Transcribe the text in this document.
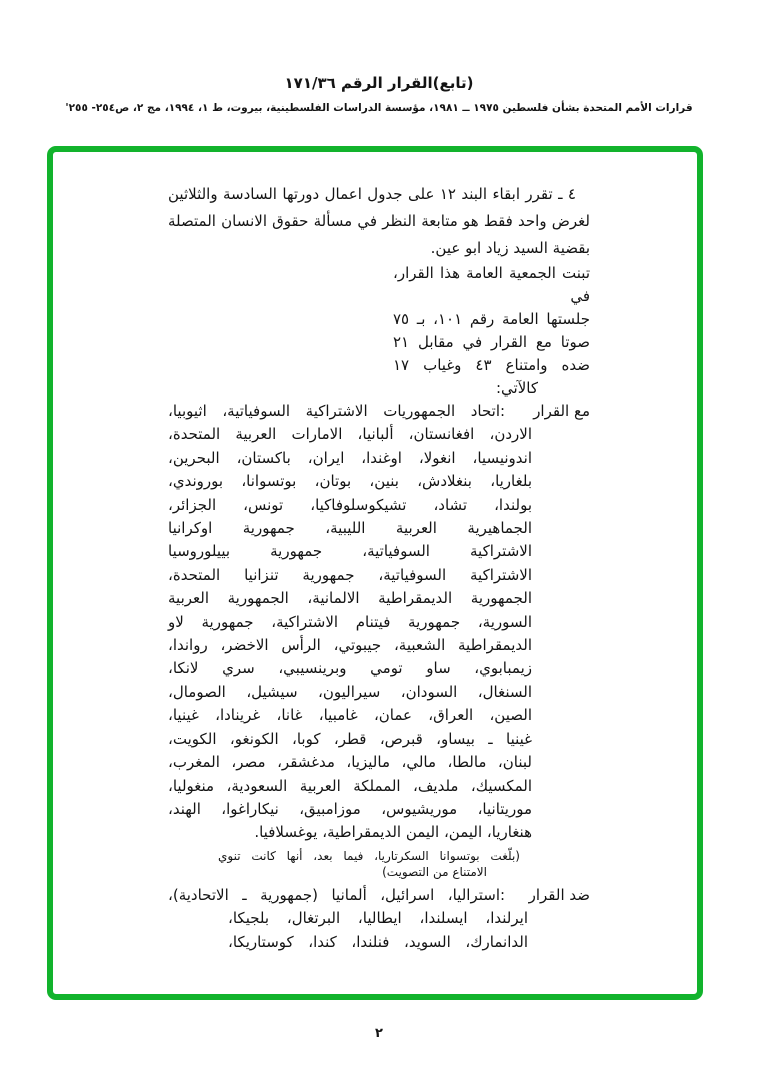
(تابع)القرار الرقم ١٧١/٣٦
قرارات الأمم المتحدة بشأن فلسطين ١٩٧٥ ــ ١٩٨١، مؤسسة الدراسات الفلسطينية، بيروت، ط ١، ١٩٩٤، مج ٢، ص٢٥٤- ٢٥٥'
٤ ـ تقرر ابقاء البند ١٢ على جدول اعمال دورتها السادسة والثلاثين
لغرض واحد فقط هو متابعة النظر في مسألة حقوق الانسان المتصلة
بقضية السيد زياد ابو عين.
تبنت الجمعية العامة هذا القرار، في
جلستها العامة رقم ١٠١، بـ ٧٥
صوتا مع القرار في مقابل ٢١
ضده وامتناع ٤٣ وغياب ١٧
كالآتي:
مع القرار
:
اتحاد الجمهوريات الاشتراكية السوفياتية، اثيوبيا،
الاردن، افغانستان، ألبانيا، الامارات العربية المتحدة،
اندونيسيا، انغولا، اوغندا، ايران، باكستان، البحرين،
بلغاريا، بنغلادش، بنين، بوتان، بوتسوانا، بوروندي،
بولندا، تشاد، تشيكوسلوفاكيا، تونس، الجزائر،
الجماهيرية العربية الليبية، جمهورية اوكرانيا
الاشتراكية السوفياتية، جمهورية بييلوروسيا
الاشتراكية السوفياتية، جمهورية تنزانيا المتحدة،
الجمهورية الديمقراطية الالمانية، الجمهورية العربية
السورية، جمهورية فيتنام الاشتراكية، جمهورية لاو
الديمقراطية الشعبية، جيبوتي، الرأس الاخضر، رواندا،
زيمبابوي، ساو تومي وبرينسيبي، سري لانكا،
السنغال، السودان، سيراليون، سيشيل، الصومال،
الصين، العراق، عمان، غامبيا، غانا، غرينادا، غينيا،
غينيا ـ بيساو، قبرص، قطر، كوبا، الكونغو، الكويت،
لبنان، مالطا، مالي، ماليزيا، مدغشقر، مصر، المغرب،
المكسيك، ملديف، المملكة العربية السعودية، منغوليا،
موريتانيا، موريشيوس، موزامبيق، نيكاراغوا، الهند،
هنغاريا، اليمن، اليمن الديمقراطية، يوغسلافيا.
(بلّغت بوتسوانا السكرتاريا، فيما بعد، أنها كانت تنوي
الامتناع من التصويت)
ضد القرار
:
استراليا، اسرائيل، ألمانيا (جمهورية ـ الاتحادية)،
ايرلندا، ايسلندا، ايطاليا، البرتغال، بلجيكا،
الدانمارك، السويد، فنلندا، كندا، كوستاريكا،
٢
